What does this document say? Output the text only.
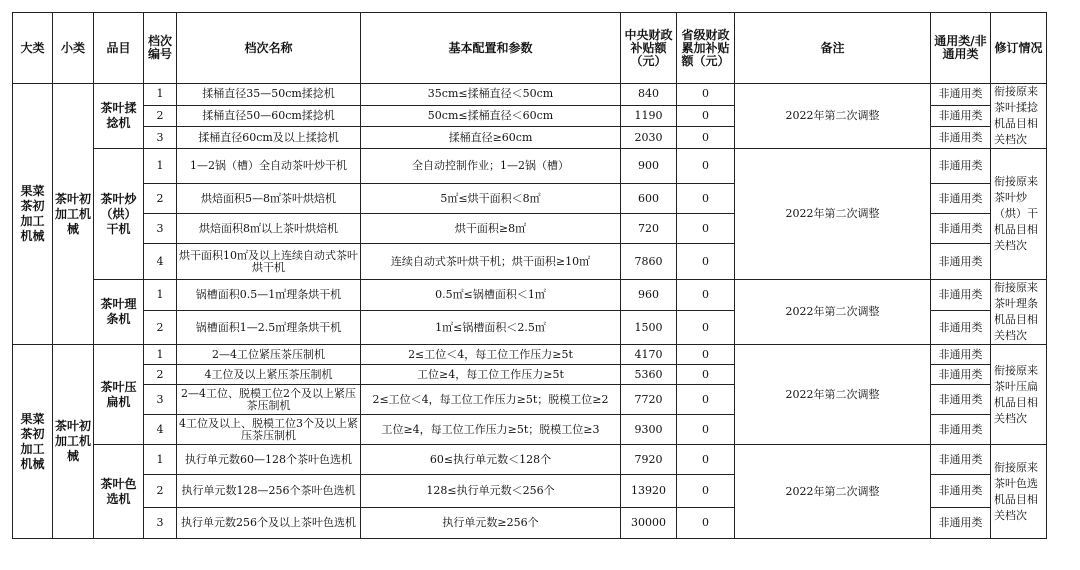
大类	小类	品目	档次编号	档次名称	基本配置和参数	中央财政补贴额（元）	省级财政累加补贴额（元）	备注	通用类/非通用类	修订情况
果菜茶初加工机械	茶叶初加工机械	茶叶揉捻机	1	揉桶直径35—50cm揉捻机	35cm≤揉桶直径＜50cm	840	0	2022年第二次调整	非通用类	衔接原来茶叶揉捻机品目相关档次
			2	揉桶直径50—60cm揉捻机	50cm≤揉桶直径＜60cm	1190	0		非通用类	
			3	揉桶直径60cm及以上揉捻机	揉桶直径≥60cm	2030	0		非通用类	
		茶叶炒（烘）干机	1	1—2锅（槽）全自动茶叶炒干机	全自动控制作业；1—2锅（槽）	900	0	2022年第二次调整	非通用类	衔接原来茶叶炒（烘）干机品目相关档次
			2	烘焙面积5—8㎡茶叶烘焙机	5㎡≤烘干面积＜8㎡	600	0		非通用类	
			3	烘焙面积8㎡以上茶叶烘焙机	烘干面积≥8㎡	720	0		非通用类	
			4	烘干面积10㎡及以上连续自动式茶叶烘干机	连续自动式茶叶烘干机；烘干面积≥10㎡	7860	0		非通用类	
		茶叶理条机	1	锅槽面积0.5—1㎡理条烘干机	0.5㎡≤锅槽面积＜1㎡	960	0	2022年第二次调整	非通用类	衔接原来茶叶理条机品目相关档次
			2	锅槽面积1—2.5㎡理条烘干机	1㎡≤锅槽面积＜2.5㎡	1500	0		非通用类	
果菜茶初加工机械	茶叶初加工机械	茶叶压扁机	1	2—4工位紧压茶压制机	2≤工位＜4，每工位工作压力≥5t	4170	0	2022年第二次调整	非通用类	衔接原来茶叶压扁机品目相关档次
			2	4工位及以上紧压茶压制机	工位≥4，每工位工作压力≥5t	5360	0		非通用类	
			3	2—4工位、脱模工位2个及以上紧压茶压制机	2≤工位＜4，每工位工作压力≥5t；脱模工位≥2	7720	0		非通用类	
			4	4工位及以上、脱模工位3个及以上紧压茶压制机	工位≥4，每工位工作压力≥5t；脱模工位≥3	9300	0		非通用类	
		茶叶色选机	1	执行单元数60—128个茶叶色选机	60≤执行单元数＜128个	7920	0	2022年第二次调整	非通用类	衔接原来茶叶色选机品目相关档次
			2	执行单元数128—256个茶叶色选机	128≤执行单元数＜256个	13920	0		非通用类	
			3	执行单元数256个及以上茶叶色选机	执行单元数≥256个	30000	0		非通用类	
